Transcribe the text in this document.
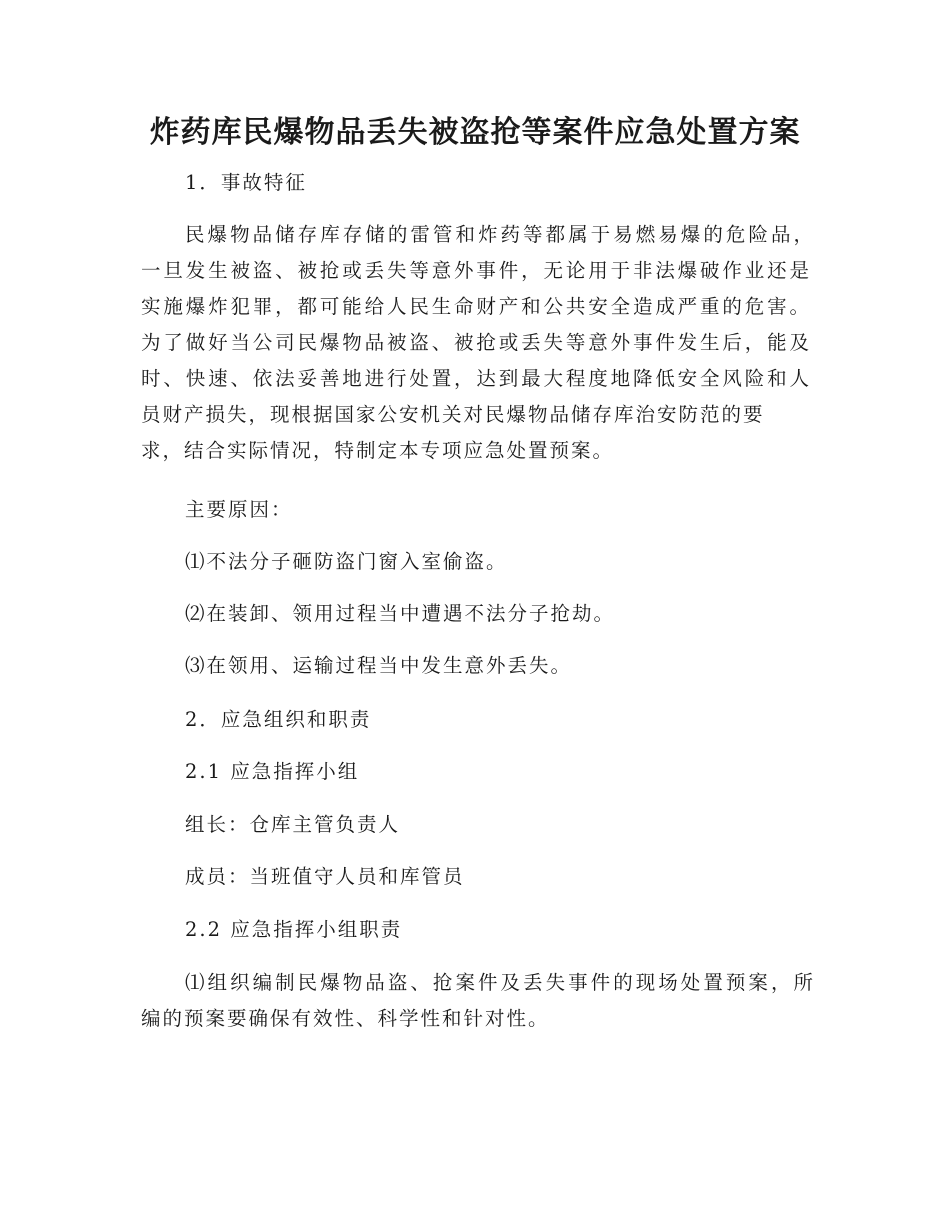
炸药库民爆物品丢失被盗抢等案件应急处置方案

1．事故特征

民爆物品储存库存储的雷管和炸药等都属于易燃易爆的危险品，

一旦发生被盗、被抢或丢失等意外事件，无论用于非法爆破作业还是

实施爆炸犯罪，都可能给人民生命财产和公共安全造成严重的危害。

为了做好当公司民爆物品被盗、被抢或丢失等意外事件发生后，能及

时、快速、依法妥善地进行处置，达到最大程度地降低安全风险和人

员财产损失，现根据国家公安机关对民爆物品储存库治安防范的要

求，结合实际情况，特制定本专项应急处置预案。

主要原因：

⑴不法分子砸防盗门窗入室偷盗。

⑵在装卸、领用过程当中遭遇不法分子抢劫。

⑶在领用、运输过程当中发生意外丢失。

2．应急组织和职责

2.1 应急指挥小组

组长：仓库主管负责人

成员：当班值守人员和库管员

2.2 应急指挥小组职责

⑴组织编制民爆物品盗、抢案件及丢失事件的现场处置预案，所

编的预案要确保有效性、科学性和针对性。
